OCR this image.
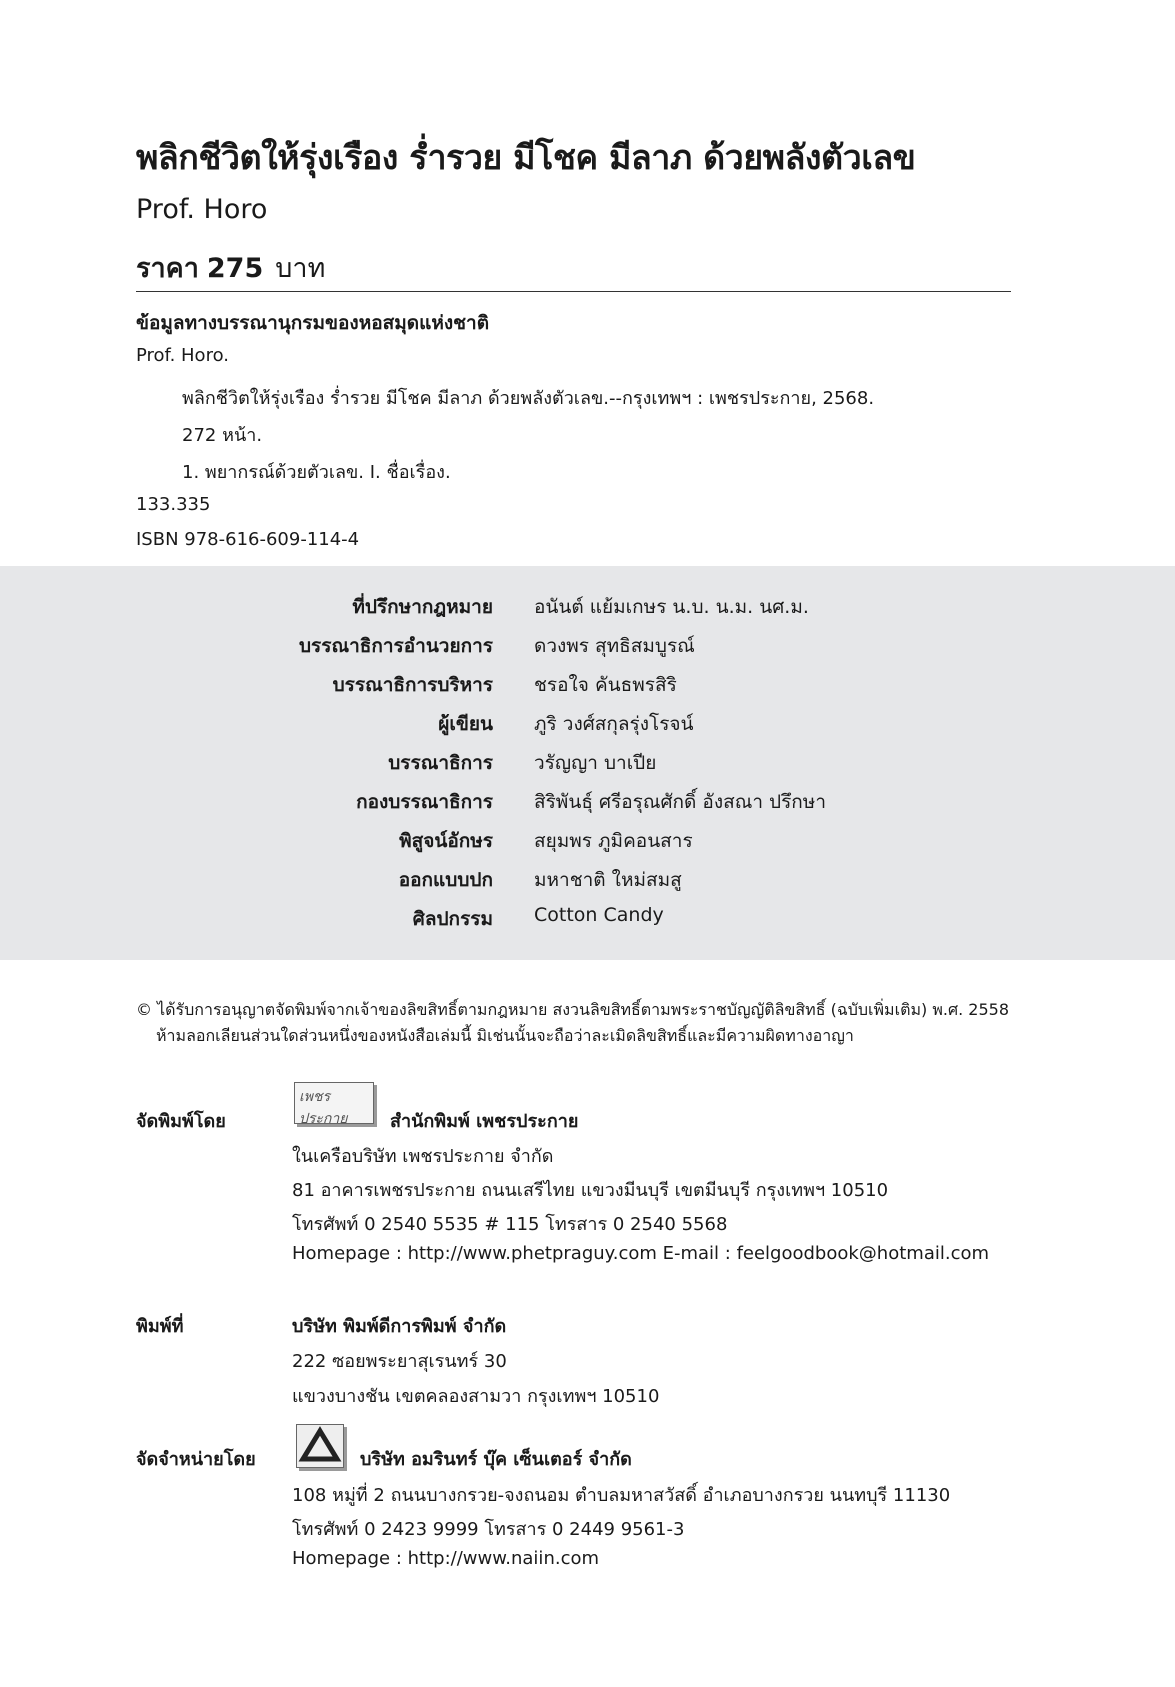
พลิกชีวิตให้รุ่งเรือง ร่ำรวย มีโชค มีลาภ ด้วยพลังตัวเลข
Prof. Horo
ราคา 275 บาท
ข้อมูลทางบรรณานุกรมของหอสมุดแห่งชาติ
Prof. Horo.
พลิกชีวิตให้รุ่งเรือง ร่ำรวย มีโชค มีลาภ ด้วยพลังตัวเลข.--กรุงเทพฯ : เพชรประกาย, 2568.
272 หน้า.
1. พยากรณ์ด้วยตัวเลข. I. ชื่อเรื่อง.
133.335
ISBN 978-616-609-114-4
ที่ปรึกษากฎหมาย อนันต์ แย้มเกษร น.บ. น.ม. นศ.ม.
บรรณาธิการอำนวยการ ดวงพร สุทธิสมบูรณ์
บรรณาธิการบริหาร ชรอใจ คันธพรสิริ
ผู้เขียน ภูริ วงศ์สกุลรุ่งโรจน์
บรรณาธิการ วรัญญา บาเปีย
กองบรรณาธิการ สิริพันธุ์ ศรีอรุณศักดิ์ อังสณา ปรึกษา
พิสูจน์อักษร สยุมพร ภูมิคอนสาร
ออกแบบปก มหาชาติ ใหม่สมสู
ศิลปกรรม Cotton Candy
© ได้รับการอนุญาตจัดพิมพ์จากเจ้าของลิขสิทธิ์ตามกฎหมาย สงวนลิขสิทธิ์ตามพระราชบัญญัติลิขสิทธิ์ (ฉบับเพิ่มเติม) พ.ศ. 2558
ห้ามลอกเลียนส่วนใดส่วนหนึ่งของหนังสือเล่มนี้ มิเช่นนั้นจะถือว่าละเมิดลิขสิทธิ์และมีความผิดทางอาญา
จัดพิมพ์โดย
เพชรประกาย	สำนักพิมพ์ เพชรประกาย
ในเครือบริษัท เพชรประกาย จำกัด
81 อาคารเพชรประกาย ถนนเสรีไทย แขวงมีนบุรี เขตมีนบุรี กรุงเทพฯ 10510
โทรศัพท์ 0 2540 5535 # 115 โทรสาร 0 2540 5568
Homepage : http://www.phetpraguy.com E-mail : feelgoodbook@hotmail.com
พิมพ์ที่	บริษัท พิมพ์ดีการพิมพ์ จำกัด
222 ซอยพระยาสุเรนทร์ 30
แขวงบางชัน เขตคลองสามวา กรุงเทพฯ 10510
จัดจำหน่ายโดย	บริษัท อมรินทร์ บุ๊ค เซ็นเตอร์ จำกัด
108 หมู่ที่ 2 ถนนบางกรวย-จงถนอม ตำบลมหาสวัสดิ์ อำเภอบางกรวย นนทบุรี 11130
โทรศัพท์ 0 2423 9999 โทรสาร 0 2449 9561-3
Homepage : http://www.naiin.com
